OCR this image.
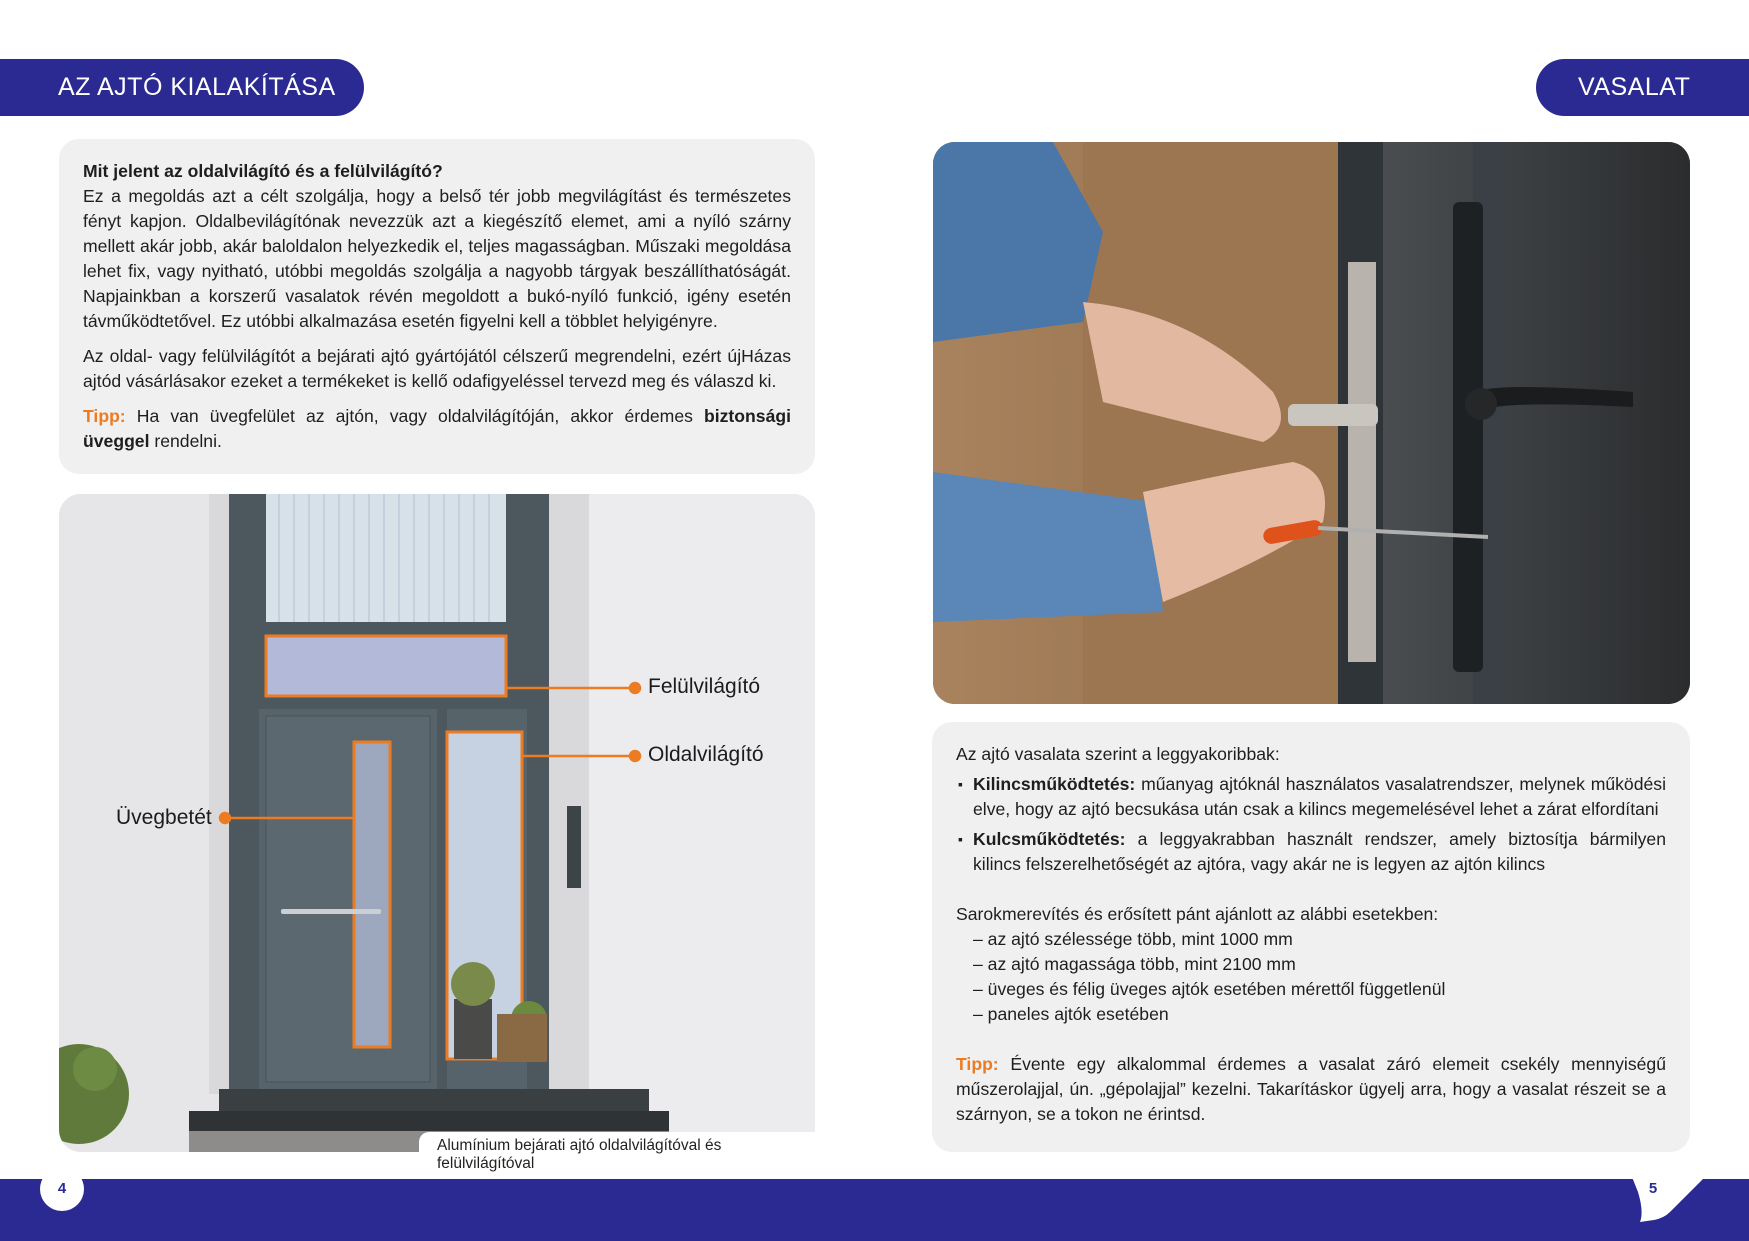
AZ AJTÓ KIALAKÍTÁSA	VASALAT

Mit jelent az oldalvilágító és a felülvilágító?

Ez a megoldás azt a célt szolgálja, hogy a belső tér jobb megvilágítást és természetes fényt kapjon. Oldalbevilágítónak nevezzük azt a kiegészítő elemet, ami a nyíló szárny mellett akár jobb, akár baloldalon helyezkedik el, teljes magasságban. Műszaki megoldása lehet fix, vagy nyitható, utóbbi megoldás szolgálja a nagyobb tárgyak beszállíthatóságát. Napjainkban a korszerű vasalatok révén megoldott a bukó-nyíló funkció, igény esetén távműködtetővel. Ez utóbbi alkalmazása esetén figyelni kell a többlet helyigényre.

Az oldal- vagy felülvilágítót a bejárati ajtó gyártójától célszerű megrendelni, ezért újHázas ajtód vásárlásakor ezeket a termékeket is kellő odafigyeléssel tervezd meg és válaszd ki.

Tipp: Ha van üvegfelület az ajtón, vagy oldalvilágítóján, akkor érdemes biztonsági üveggel rendelni.

Felülvilágító
Oldalvilágító
Üvegbetét
Alumínium bejárati ajtó oldalvilágítóval és felülvilágítóval

Az ajtó vasalata szerint a leggyakoribbak:

▪ Kilincsműködtetés: műanyag ajtóknál használatos vasalatrendszer, melynek működési elve, hogy az ajtó becsukása után csak a kilincs megemelésével lehet a zárat elfordítani
▪ Kulcsműködtetés: a leggyakrabban használt rendszer, amely biztosítja bármilyen kilincs felszerelhetőségét az ajtóra, vagy akár ne is legyen az ajtón kilincs

Sarokmerevítés és erősített pánt ajánlott az alábbi esetekben:

– az ajtó szélessége több, mint 1000 mm
– az ajtó magassága több, mint 2100 mm
– üveges és félig üveges ajtók esetében mérettől függetlenül
– paneles ajtók esetében

Tipp: Évente egy alkalommal érdemes a vasalat záró elemeit csekély mennyiségű műszerolajjal, ún. „gépolajjal” kezelni. Takarításkor ügyelj arra, hogy a vasalat részeit se a szárnyon, se a tokon ne érintsd.

4	5
